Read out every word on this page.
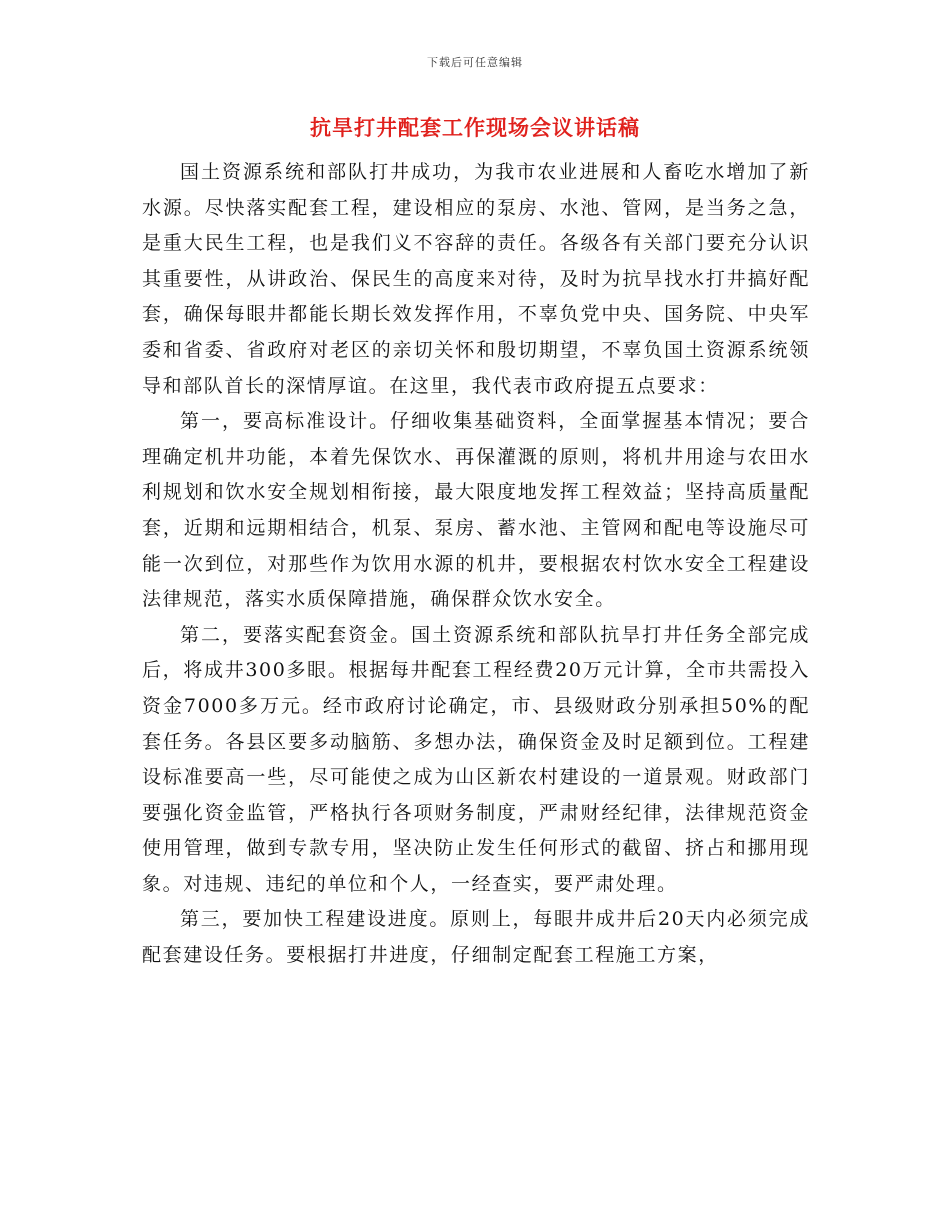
下载后可任意编辑
抗旱打井配套工作现场会议讲话稿

国土资源系统和部队打井成功，为我市农业进展和人畜吃水增加了新水源。尽快落实配套工程，建设相应的泵房、水池、管网，是当务之急，是重大民生工程，也是我们义不容辞的责任。各级各有关部门要充分认识其重要性，从讲政治、保民生的高度来对待，及时为抗旱找水打井搞好配套，确保每眼井都能长期长效发挥作用，不辜负党中央、国务院、中央军委和省委、省政府对老区的亲切关怀和殷切期望，不辜负国土资源系统领导和部队首长的深情厚谊。在这里，我代表市政府提五点要求：

第一，要高标准设计。仔细收集基础资料，全面掌握基本情况；要合理确定机井功能，本着先保饮水、再保灌溉的原则，将机井用途与农田水利规划和饮水安全规划相衔接，最大限度地发挥工程效益；坚持高质量配套，近期和远期相结合，机泵、泵房、蓄水池、主管网和配电等设施尽可能一次到位，对那些作为饮用水源的机井，要根据农村饮水安全工程建设法律规范，落实水质保障措施，确保群众饮水安全。

第二，要落实配套资金。国土资源系统和部队抗旱打井任务全部完成后，将成井300多眼。根据每井配套工程经费20万元计算，全市共需投入资金7000多万元。经市政府讨论确定，市、县级财政分别承担50%的配套任务。各县区要多动脑筋、多想办法，确保资金及时足额到位。工程建设标准要高一些，尽可能使之成为山区新农村建设的一道景观。财政部门要强化资金监管，严格执行各项财务制度，严肃财经纪律，法律规范资金使用管理，做到专款专用，坚决防止发生任何形式的截留、挤占和挪用现象。对违规、违纪的单位和个人，一经查实，要严肃处理。

第三，要加快工程建设进度。原则上，每眼井成井后20天内必须完成配套建设任务。要根据打井进度，仔细制定配套工程施工方案，
